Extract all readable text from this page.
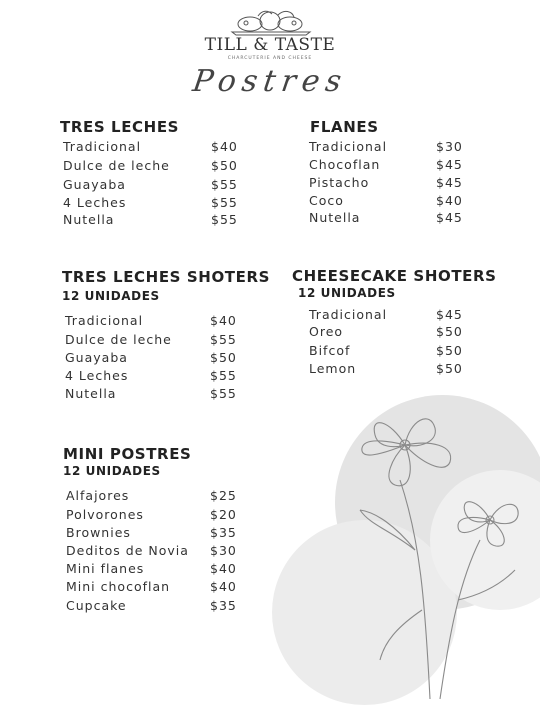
TILL & TASTE
CHARCUTERIE AND CHEESE
Postres
TRES LECHES
Tradicional	$40
Dulce de leche	$50
Guayaba	$55
4 Leches	$55
Nutella	$55
FLANES
Tradicional	$30
Chocoflan	$45
Pistacho	$45
Coco	$40
Nutella	$45
TRES LECHES SHOTERS
12 UNIDADES
Tradicional	$40
Dulce de leche	$55
Guayaba	$50
4 Leches	$55
Nutella	$55
CHEESECAKE SHOTERS
12 UNIDADES
Tradicional	$45
Oreo	$50
Bifcof	$50
Lemon	$50
MINI POSTRES
12 UNIDADES
Alfajores	$25
Polvorones	$20
Brownies	$35
Deditos de Novia $30
Mini flanes	$40
Mini chocoflan	$40
Cupcake	$35
